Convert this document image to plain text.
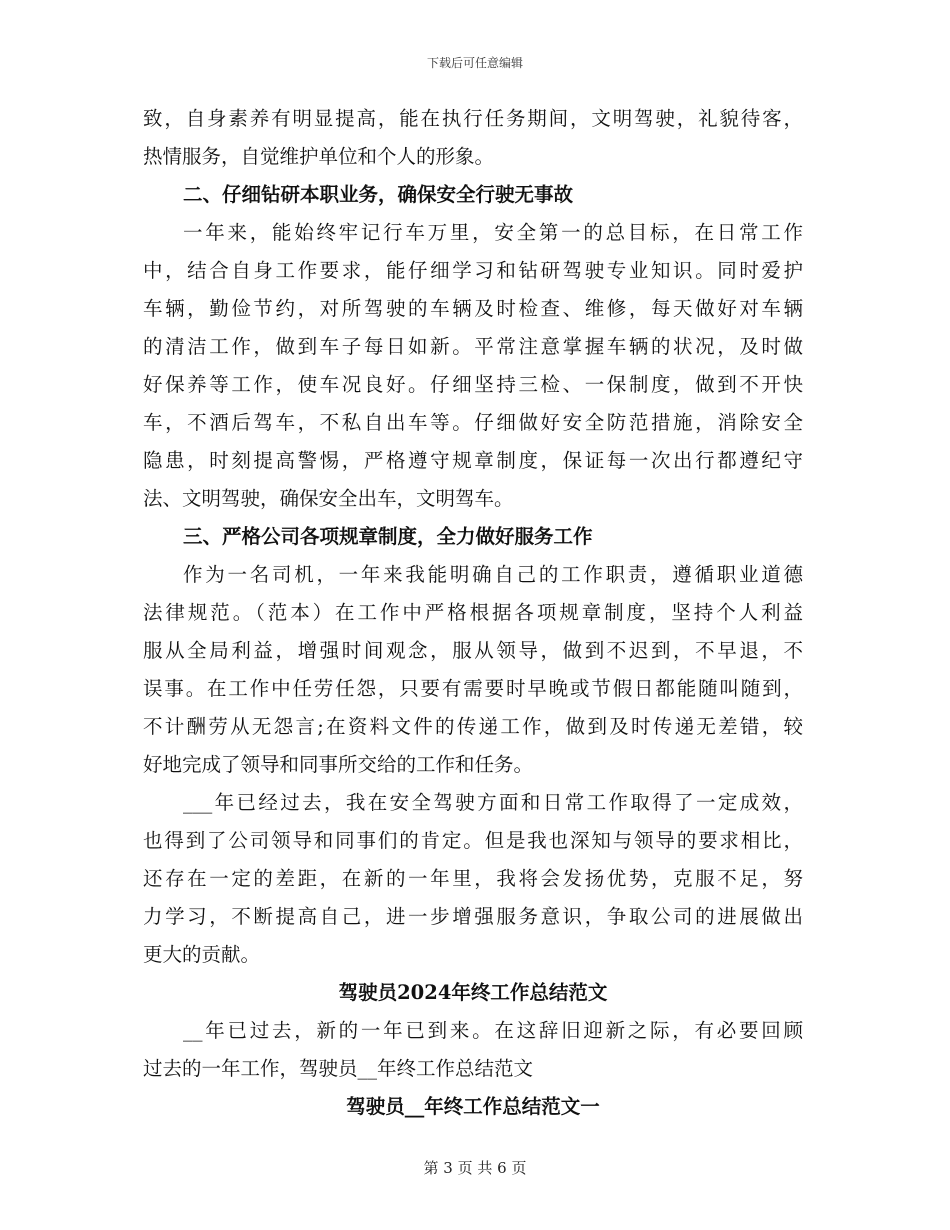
下载后可任意编辑
致，自身素养有明显提高，能在执行任务期间，文明驾驶，礼貌待客，
热情服务，自觉维护单位和个人的形象。
二、仔细钻研本职业务，确保安全行驶无事故
一年来，能始终牢记行车万里，安全第一的总目标，在日常工作
中，结合自身工作要求，能仔细学习和钻研驾驶专业知识。同时爱护
车辆，勤俭节约，对所驾驶的车辆及时检查、维修，每天做好对车辆
的清洁工作，做到车子每日如新。平常注意掌握车辆的状况，及时做
好保养等工作，使车况良好。仔细坚持三检、一保制度，做到不开快
车，不酒后驾车，不私自出车等。仔细做好安全防范措施，消除安全
隐患，时刻提高警惕，严格遵守规章制度，保证每一次出行都遵纪守
法、文明驾驶，确保安全出车，文明驾车。
三、严格公司各项规章制度，全力做好服务工作
作为一名司机，一年来我能明确自己的工作职责，遵循职业道德
法律规范。（范本）在工作中严格根据各项规章制度，坚持个人利益
服从全局利益，增强时间观念，服从领导，做到不迟到，不早退，不
误事。在工作中任劳任怨，只要有需要时早晚或节假日都能随叫随到，
不计酬劳从无怨言;在资料文件的传递工作，做到及时传递无差错，较
好地完成了领导和同事所交给的工作和任务。
___年已经过去，我在安全驾驶方面和日常工作取得了一定成效，
也得到了公司领导和同事们的肯定。但是我也深知与领导的要求相比，
还存在一定的差距，在新的一年里，我将会发扬优势，克服不足，努
力学习，不断提高自己，进一步增强服务意识，争取公司的进展做出
更大的贡献。
驾驶员2024年终工作总结范文
__年已过去，新的一年已到来。在这辞旧迎新之际，有必要回顾
过去的一年工作，驾驶员__年终工作总结范文
驾驶员__年终工作总结范文一
第 3 页 共 6 页
